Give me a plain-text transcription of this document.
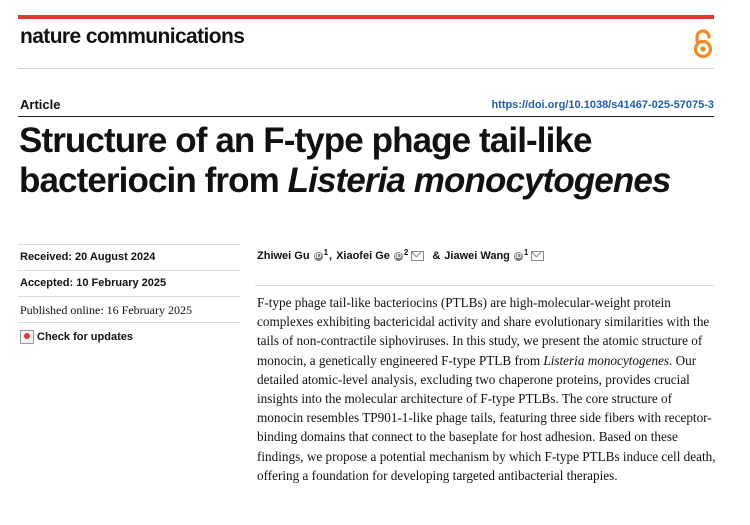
nature communications
Article	https://doi.org/10.1038/s41467-025-57075-3
Structure of an F-type phage tail-like bacteriocin from Listeria monocytogenes
Received: 20 August 2024
Accepted: 10 February 2025
Published online: 16 February 2025
Check for updates
Zhiwei Gu iD 1 , Xiaofei Ge iD 2 & Jiawei Wang iD 1
F-type phage tail-like bacteriocins (PTLBs) are high-molecular-weight protein complexes exhibiting bactericidal activity and share evolutionary similarities with the tails of non-contractile siphoviruses. In this study, we present the atomic structure of monocin, a genetically engineered F-type PTLB from Listeria monocytogenes. Our detailed atomic-level analysis, excluding two chaperone proteins, provides crucial insights into the molecular architecture of F-type PTLBs. The core structure of monocin resembles TP901-1-like phage tails, featuring three side fibers with receptor-binding domains that connect to the baseplate for host adhesion. Based on these findings, we propose a potential mechanism by which F-type PTLBs induce cell death, offering a foundation for developing targeted antibacterial therapies.
